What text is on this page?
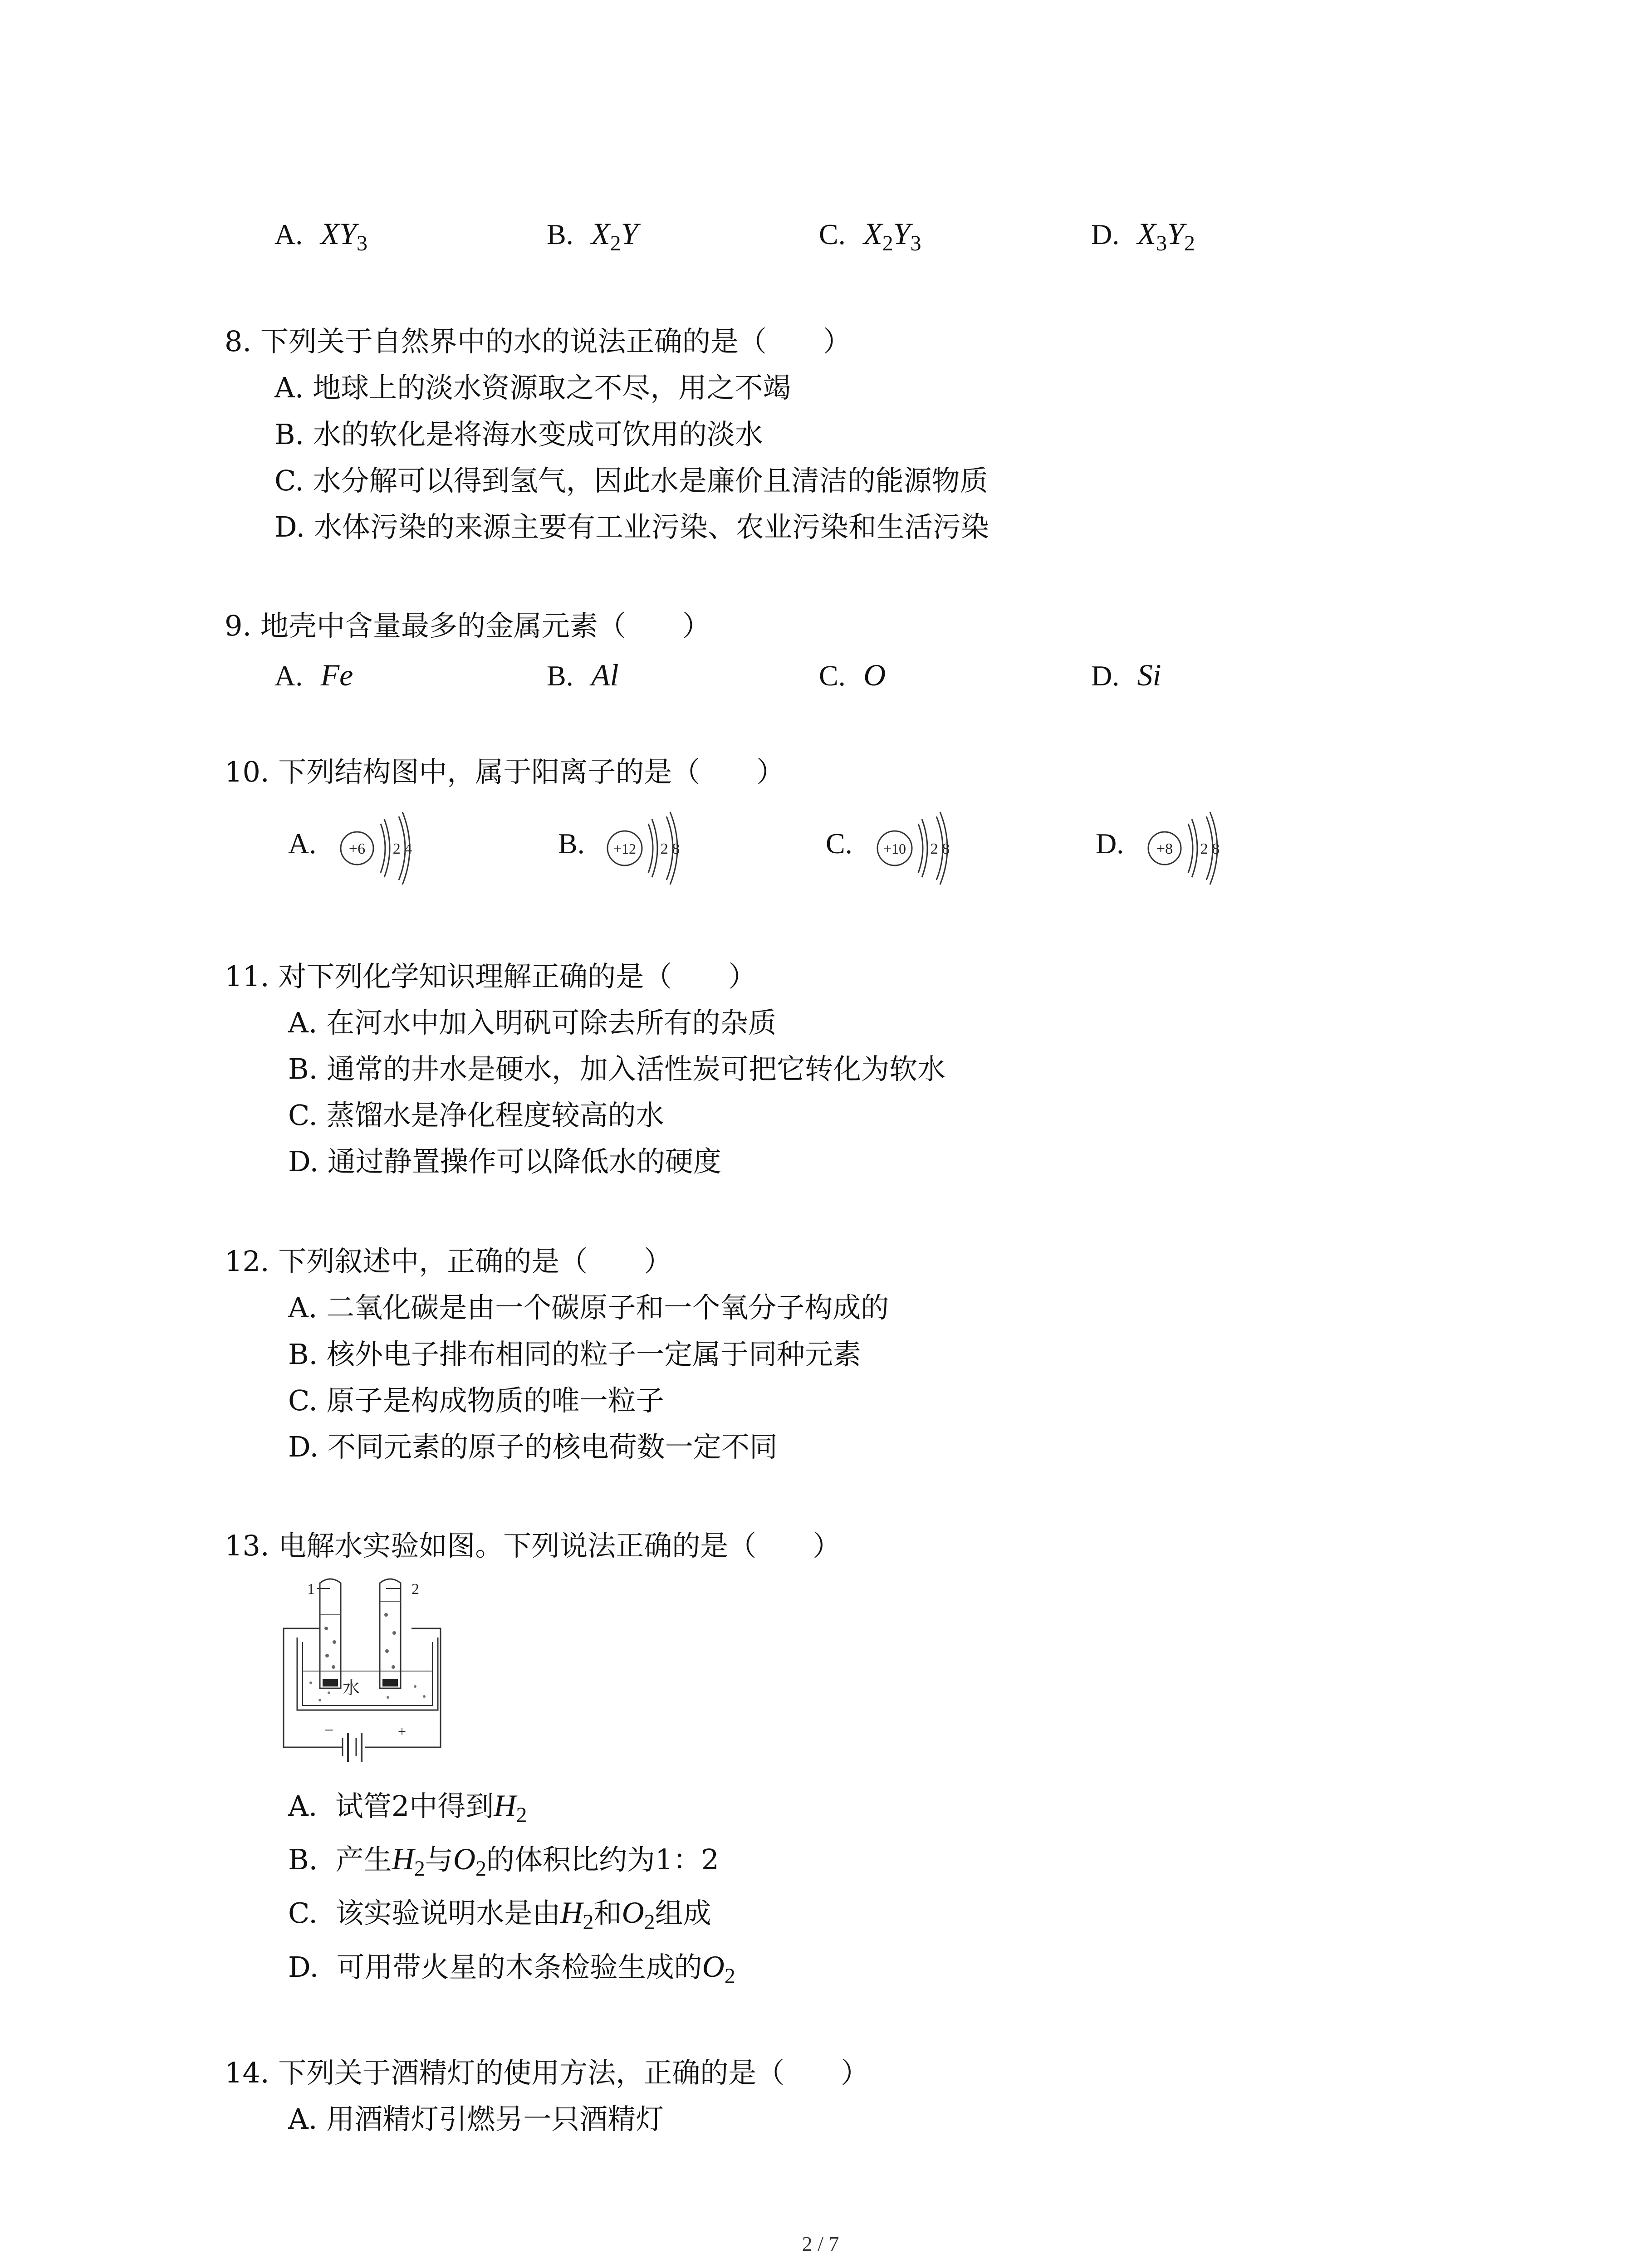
A. $XY_3$	B. $X_2Y$	C. $X_2Y_3$	D. $X_3Y_2$
8. 下列关于自然界中的水的说法正确的是（　　）
A. 地球上的淡水资源取之不尽，用之不竭
B. 水的软化是将海水变成可饮用的淡水
C. 水分解可以得到氢气，因此水是廉价且清洁的能源物质
D. 水体污染的来源主要有工业污染、农业污染和生活污染
9. 地壳中含量最多的金属元素（　　）
A. Fe	B. Al	C. O	D. Si
10. 下列结构图中，属于阳离子的是（　　）
A. +6 2 4	B. +12 2 8	C. +10 2 8	D. +8 2 8
11. 对下列化学知识理解正确的是（　　）
A. 在河水中加入明矾可除去所有的杂质
B. 通常的井水是硬水，加入活性炭可把它转化为软水
C. 蒸馏水是净化程度较高的水
D. 通过静置操作可以降低水的硬度
12. 下列叙述中，正确的是（　　）
A. 二氧化碳是由一个碳原子和一个氧分子构成的
B. 核外电子排布相同的粒子一定属于同种元素
C. 原子是构成物质的唯一粒子
D. 不同元素的原子的核电荷数一定不同
13. 电解水实验如图。下列说法正确的是（　　）
1	2
−	+
水
A. 试管2中得到$H_2$
B. 产生$H_2$与$O_2$的体积比约为1：2
C. 该实验说明水是由$H_2$和$O_2$组成
D. 可用带火星的木条检验生成的$O_2$
14. 下列关于酒精灯的使用方法，正确的是（　　）
A. 用酒精灯引燃另一只酒精灯
2 / 7
